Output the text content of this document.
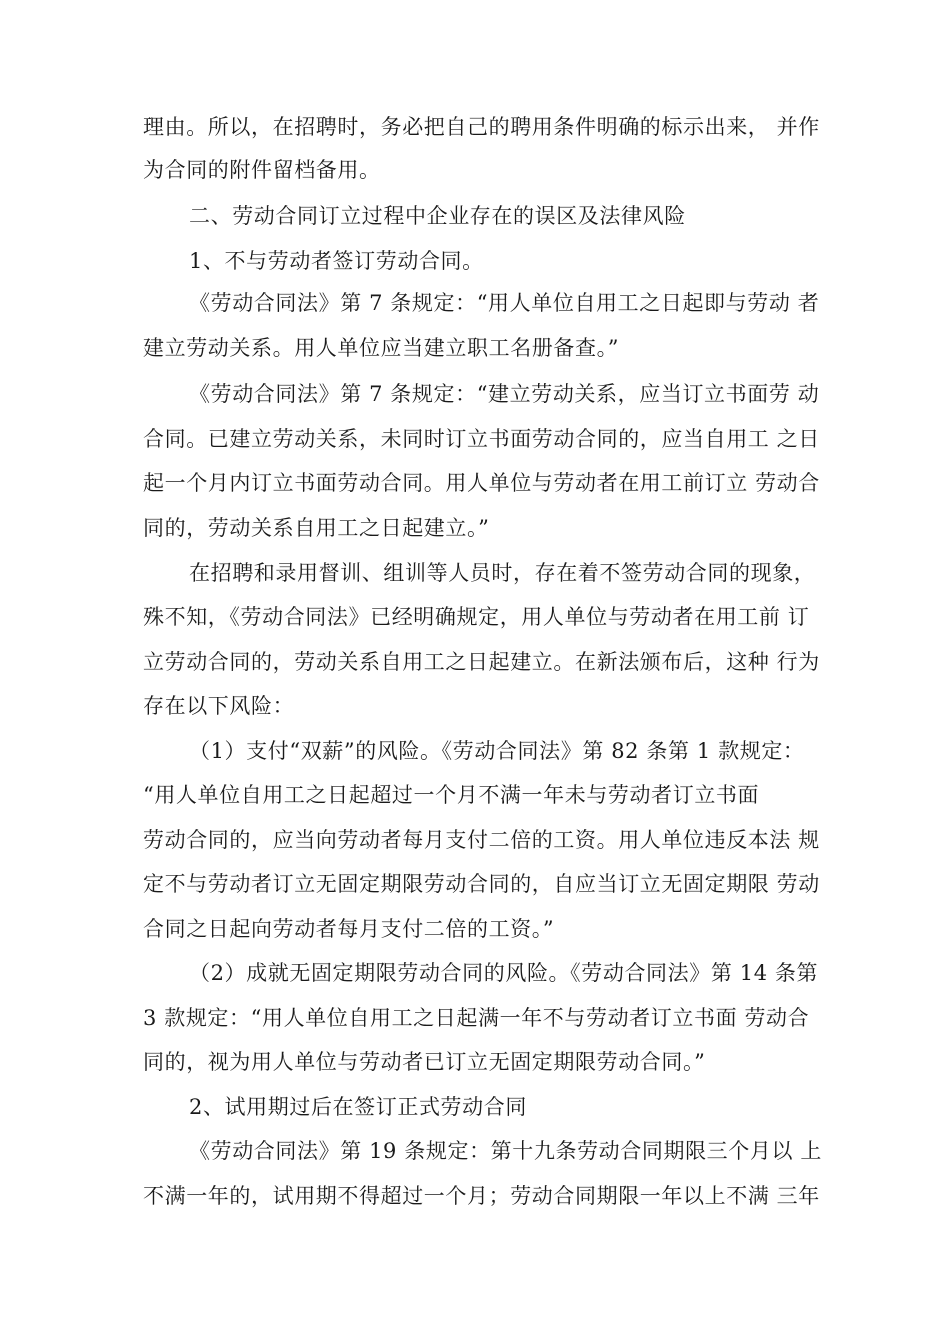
理由。所以，在招聘时，务必把自己的聘用条件明确的标示出来， 并作
为合同的附件留档备用。
二、劳动合同订立过程中企业存在的误区及法律风险
1、不与劳动者签订劳动合同。
《劳动合同法》第 7 条规定：“用人单位自用工之日起即与劳动 者
建立劳动关系。用人单位应当建立职工名册备查。”
《劳动合同法》第 7 条规定：“建立劳动关系，应当订立书面劳 动
合同。已建立劳动关系，未同时订立书面劳动合同的，应当自用工 之日
起一个月内订立书面劳动合同。用人单位与劳动者在用工前订立 劳动合
同的，劳动关系自用工之日起建立。”
在招聘和录用督训、组训等人员时，存在着不签劳动合同的现象，
殊不知，《劳动合同法》已经明确规定，用人单位与劳动者在用工前 订
立劳动合同的，劳动关系自用工之日起建立。在新法颁布后，这种 行为
存在以下风险：
（1）支付“双薪”的风险。《劳动合同法》第 82 条第 1 款规定：
“用人单位自用工之日起超过一个月不满一年未与劳动者订立书面
劳动合同的，应当向劳动者每月支付二倍的工资。用人单位违反本法 规
定不与劳动者订立无固定期限劳动合同的，自应当订立无固定期限 劳动
合同之日起向劳动者每月支付二倍的工资。”
（2）成就无固定期限劳动合同的风险。《劳动合同法》第 14 条第
3 款规定：“用人单位自用工之日起满一年不与劳动者订立书面 劳动合
同的，视为用人单位与劳动者已订立无固定期限劳动合同。”
2、试用期过后在签订正式劳动合同
《劳动合同法》第 19 条规定：第十九条劳动合同期限三个月以 上
不满一年的，试用期不得超过一个月；劳动合同期限一年以上不满 三年
